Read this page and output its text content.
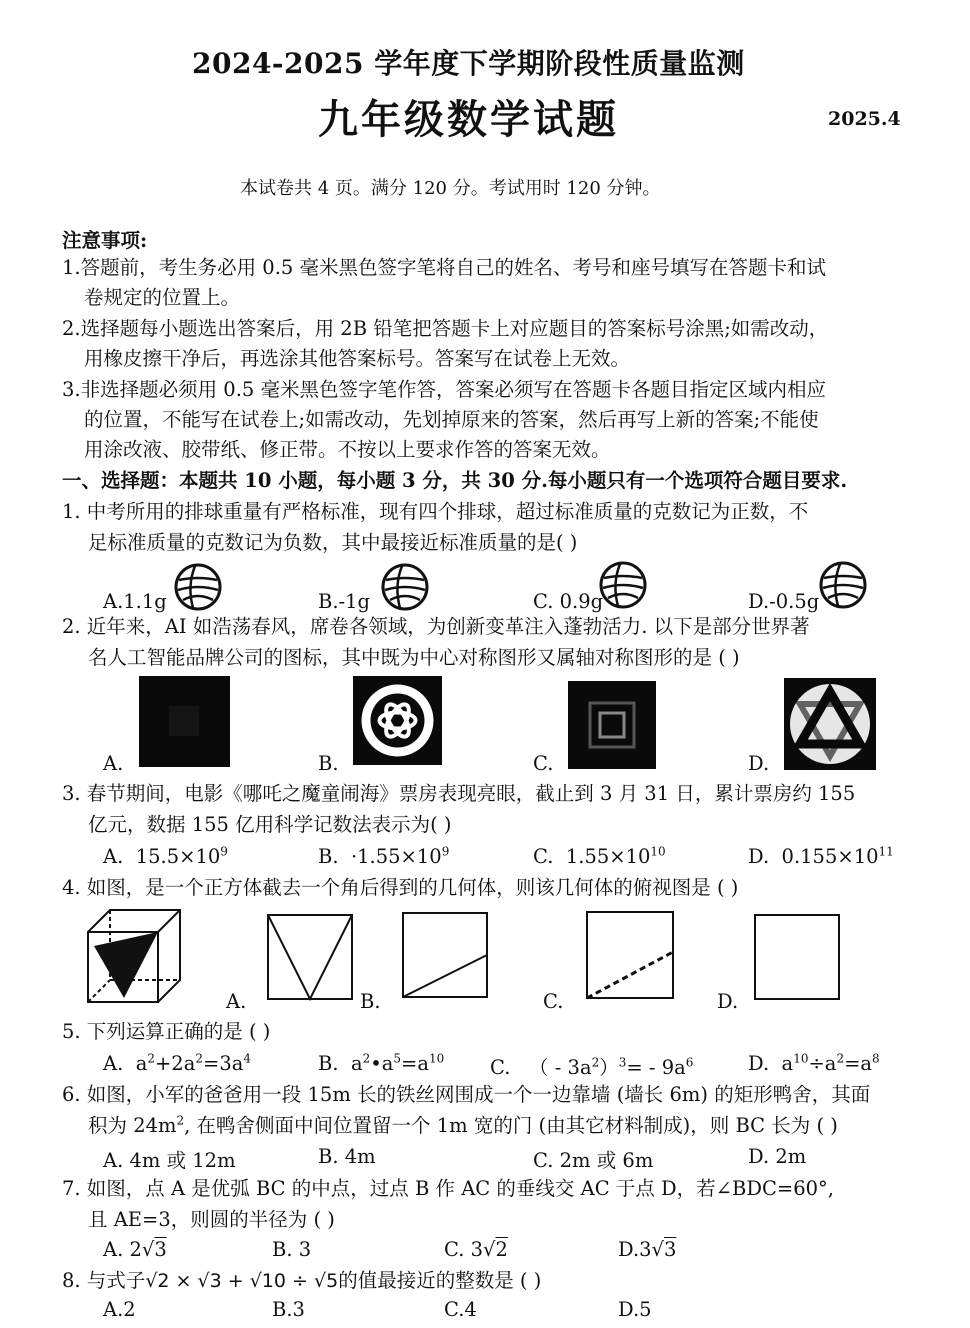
2024-2025 学年度下学期阶段性质量监测
九年级数学试题	2025.4
本试卷共 4 页。满分 120 分。考试用时 120 分钟。
注意事项:
1.答题前，考生务必用 0.5 毫米黑色签字笔将自己的姓名、考号和座号填写在答题卡和试
卷规定的位置上。
2.选择题每小题选出答案后，用 2B 铅笔把答题卡上对应题目的答案标号涂黑;如需改动，
用橡皮擦干净后，再选涂其他答案标号。答案写在试卷上无效。
3.非选择题必须用 0.5 毫米黑色签字笔作答，答案必须写在答题卡各题目指定区域内相应
的位置，不能写在试卷上;如需改动，先划掉原来的答案，然后再写上新的答案;不能使
用涂改液、胶带纸、修正带。不按以上要求作答的答案无效。
一、选择题：本题共 10 小题，每小题 3 分，共 30 分.每小题只有一个选项符合题目要求.
1. 中考所用的排球重量有严格标准，现有四个排球，超过标准质量的克数记为正数，不
足标准质量的克数记为负数，其中最接近标准质量的是( )
A.1.1g	B.-1g	C. 0.9g	D.-0.5g
2. 近年来，AI 如浩荡春风，席卷各领域，为创新变革注入蓬勃活力. 以下是部分世界著
名人工智能品牌公司的图标，其中既为中心对称图形又属轴对称图形的是 ( )
A.	B.	C.	D.
3. 春节期间，电影《哪吒之魔童闹海》票房表现亮眼，截止到 3 月 31 日，累计票房约 155
亿元，数据 155 亿用科学记数法表示为( )
A. $15.5\times 10^9$	B. $\cdot 1.55\times 10^9$	C. $1.55\times 10^{10}$	D. $0.155\times 10^{11}$
4. 如图，是一个正方体截去一个角后得到的几何体，则该几何体的俯视图是 ( )
A.	B.	C.	D.
5. 下列运算正确的是 ( )
A. $a^2+2a^2=3a^4$	B. $a^2•a^5=a^{10}$ C. （ - $3a^2)^3= - 9a^6$	D. $a^{10}\div a^2=a^8$
6. 如图，小军的爸爸用一段 15m 长的铁丝网围成一个一边靠墙 (墙长 6m) 的矩形鸭舍，其面
积为 $24m^2$, 在鸭舍侧面中间位置留一个 1m 宽的门 (由其它材料制成)，则 BC 长为 ( )
A. 4m 或 12m	B. 4m	C. 2m 或 6m	D. 2m
7. 如图，点 A 是优弧 BC 的中点，过点 B 作 AC 的垂线交 AC 于点 D，若∠BDC=60°,
且 AE=3，则圆的半径为 ( )
A. 2√3	B. 3	C. 3√2	D.3√3
8. 与式子√2 × √3 + √10 ÷ √5的值最接近的整数是 ( )
A.2	B.3	C.4	D.5
